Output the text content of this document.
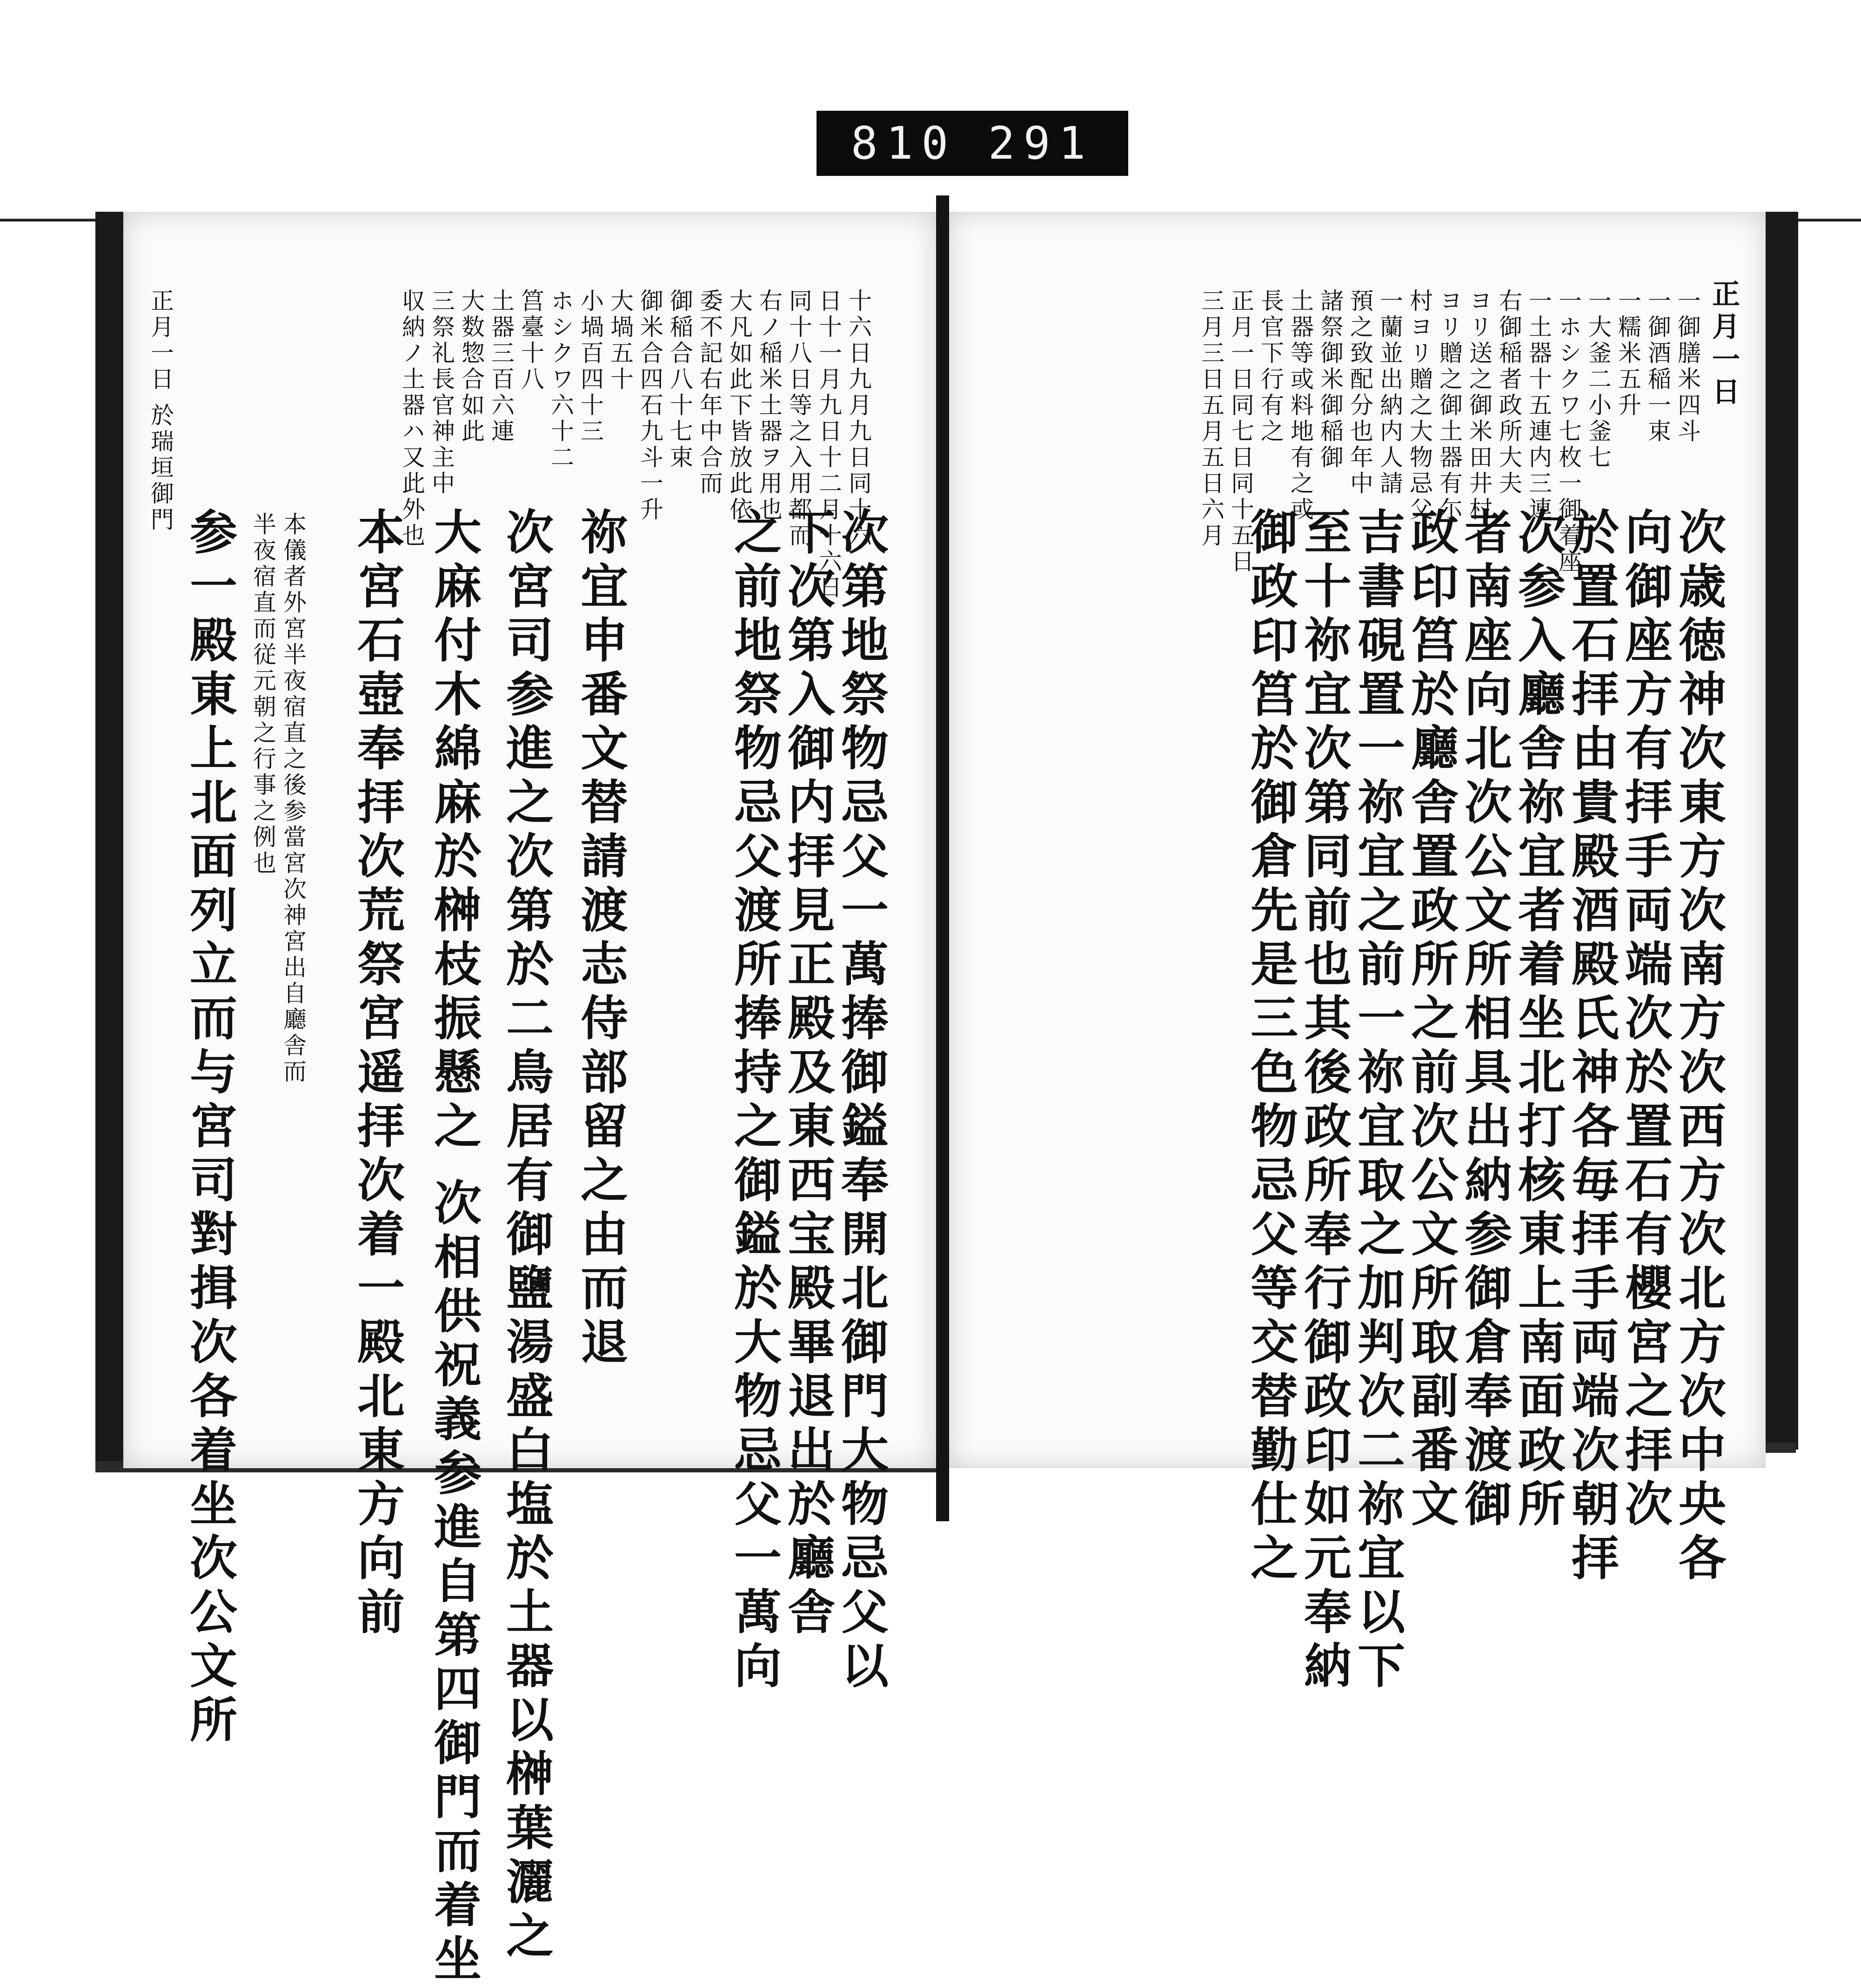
810 291
正月一日
一御膳米四斗
一御酒稲一束
一糯米五升
一大釜二小釜七
一ホシクワ七枚一御着座
一土器十五連内三連
右御稲者政所大夫
ヨリ送之御米田井村
ヨリ贈之御土器有尓
村ヨリ贈之大物忌父
一蘭並出納内人請
預之致配分也年中
諸祭御米御稲御
土器等或料地有之或
長官下行有之
正月一日同七日同十五日
三月三日五月五日六月
次歳徳神次東方次南方次西方次北方次中央各
向御座方有拝手両端次於置石有櫻宮之拝次
於置石拝由貴殿酒殿氏神各毎拝手両端次朝拝
次参入廳舎祢宜者着坐北打核東上南面政所
者南座向北次公文所相具出納参御倉奉渡御
政印筥於廳舎置政所之前次公文所取副番文
吉書硯置一祢宜之前一祢宜取之加判次二祢宜以下
至十祢宜次第同前也其後政所奉行御政印如元奉納
御政印筥於御倉先是三色物忌父等交替勤仕之
十六日九月九日同十六
日十一月九日十二月十六日
同十八日等之入用都而
右ノ稲米土器ヲ用也
大凡如此下皆放此依
委不記右年中合而
御稲合八十七束
御米合四石九斗一升
大堝五十
小堝百四十三
ホシクワ六十二
筥臺十八
土器三百六連
大数惣合如此
三祭礼長官神主中
収納ノ土器ハ又此外也
正月一日 於瑞垣御門
次第地祭物忌父一萬捧御鎰奉開北御門大物忌父以
下次第入御内拝見正殿及東西宝殿畢退出於廳舎
之前地祭物忌父渡所捧持之御鎰於大物忌父一萬向
祢宜申番文替請渡志侍部留之由而退
次宮司参進之次第於二鳥居有御鹽湯盛白塩於土器以榊葉灑之
大麻付木綿麻於榊枝振懸之 次相供祝義参進自第四御門而着坐
本宮石壺奉拝次荒祭宮遥拝次着一殿北東方向前
本儀者外宮半夜宿直之後参當宮次神宮出自廳舎而
半夜宿直而従元朝之行事之例也
参一殿東上北面列立而与宮司對揖次各着坐次公文所
